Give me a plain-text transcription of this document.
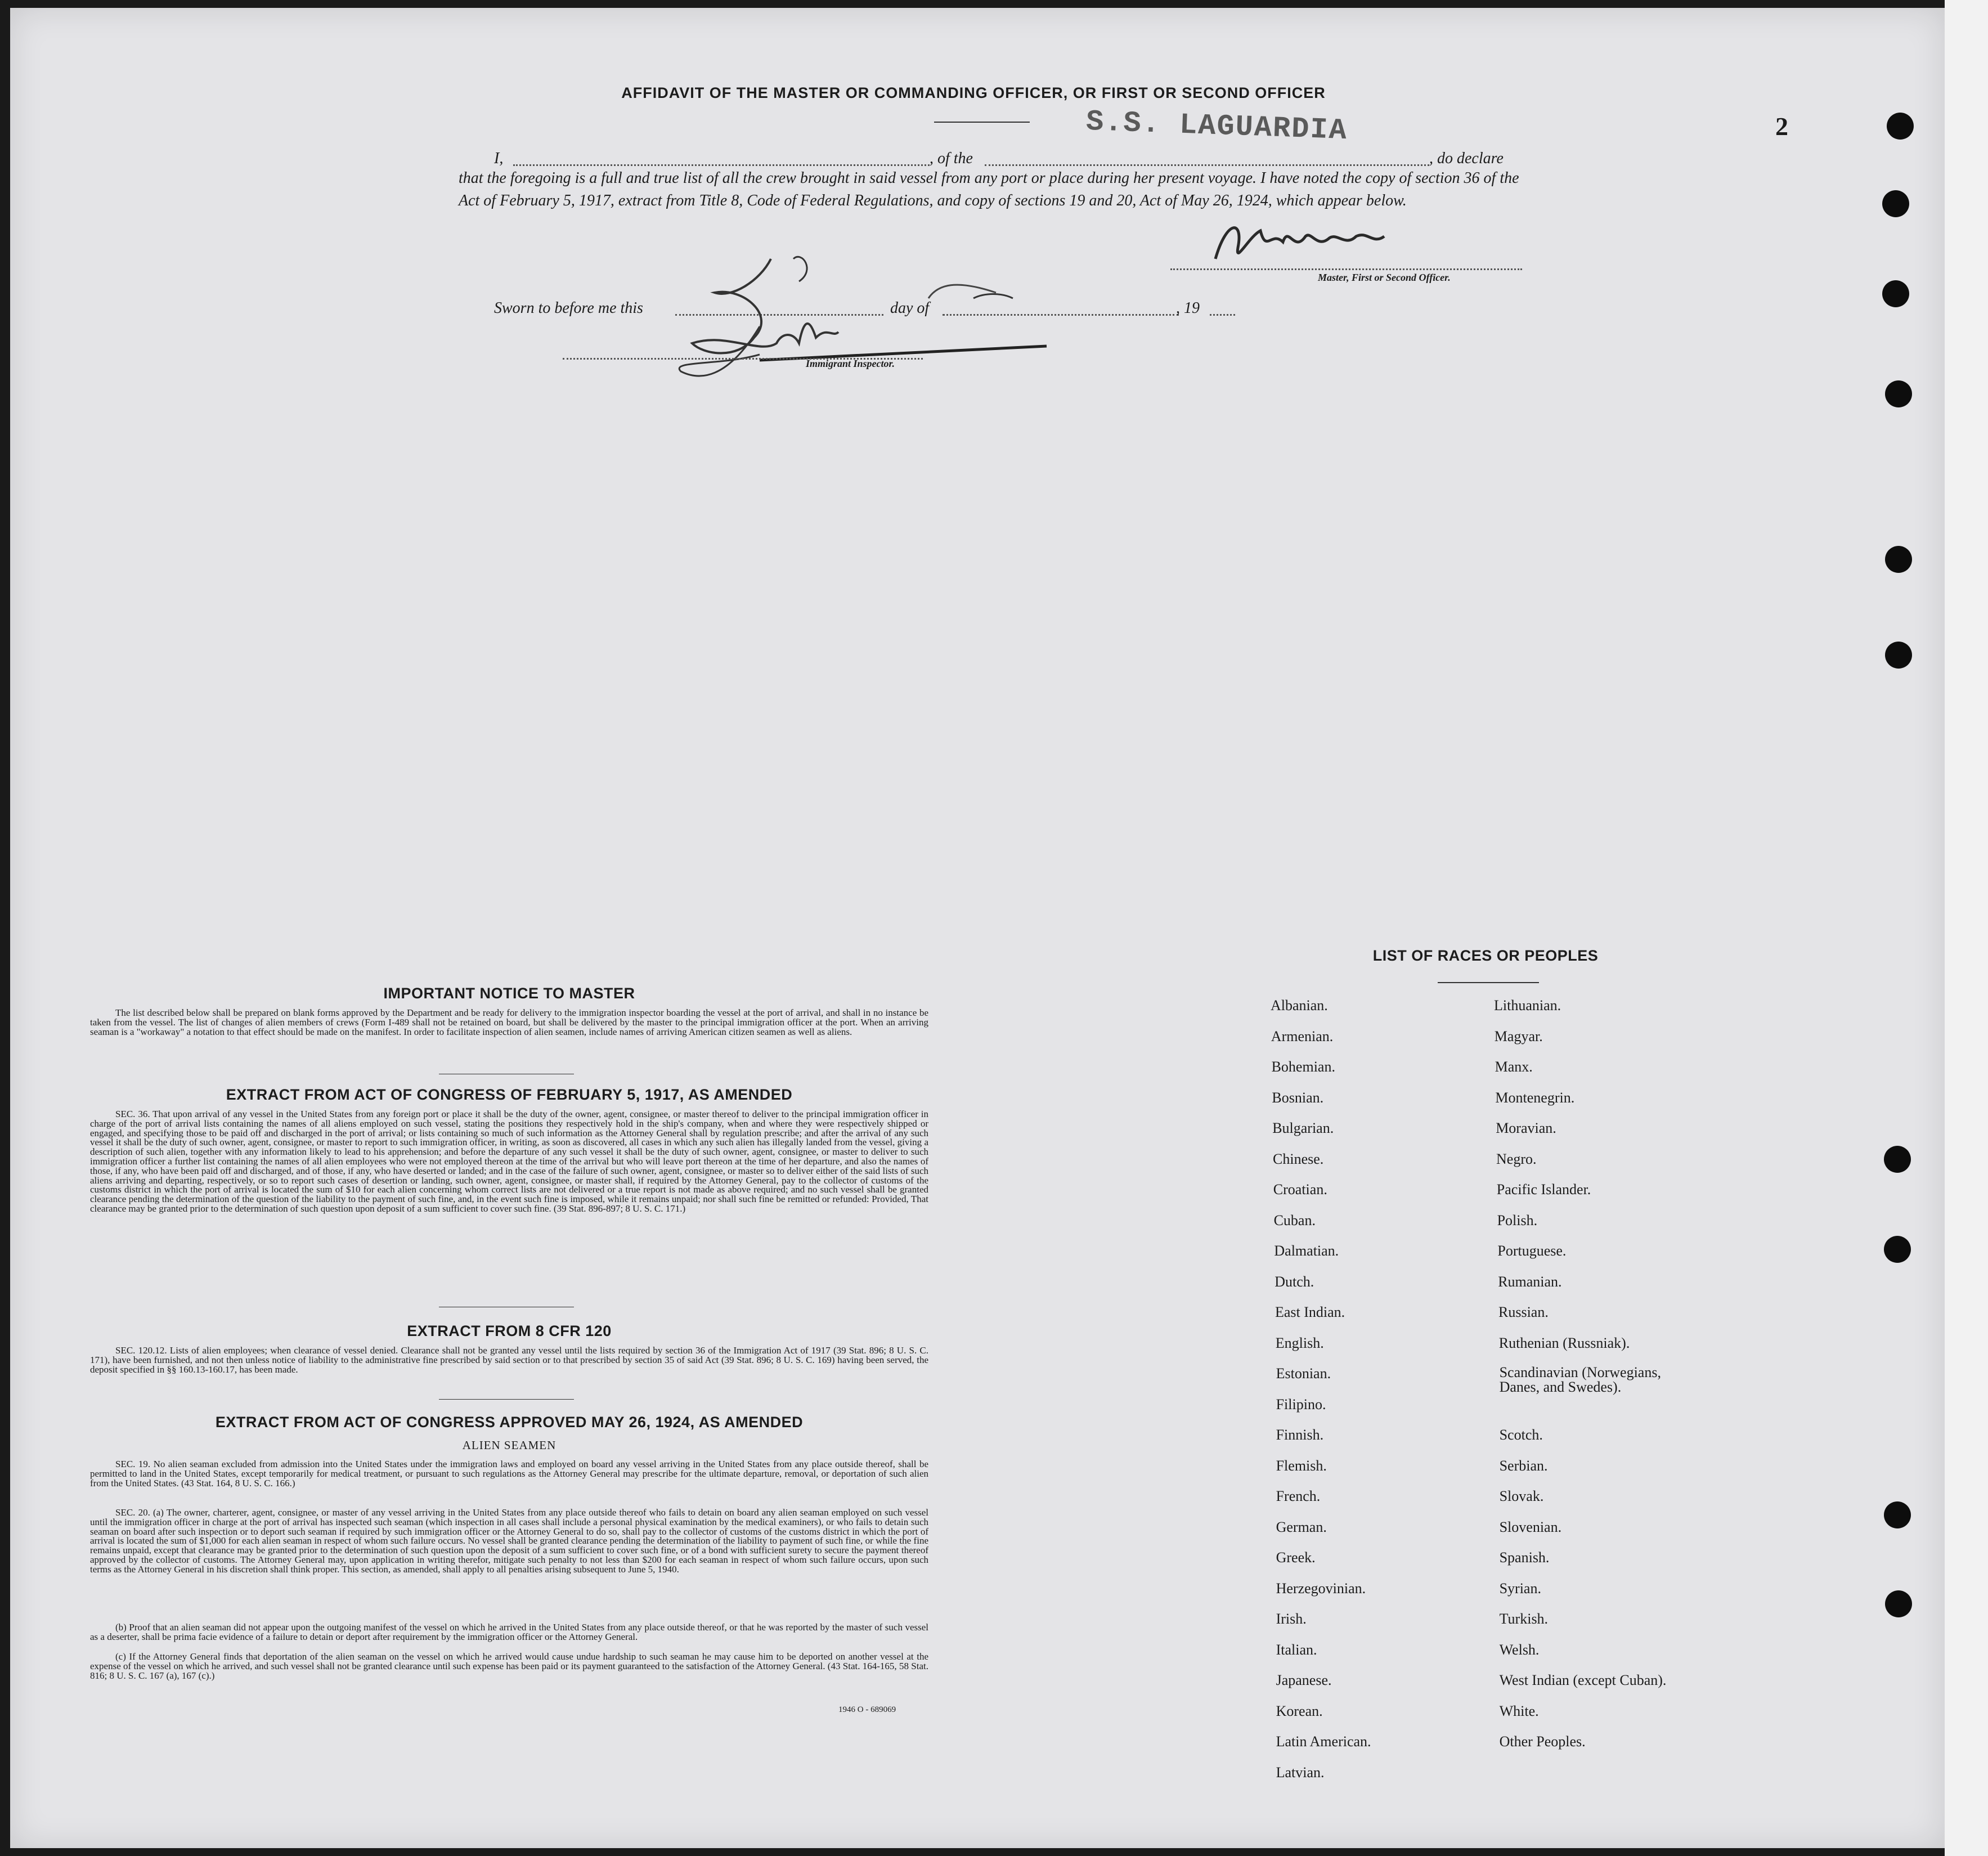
AFFIDAVIT OF THE MASTER OR COMMANDING OFFICER, OR FIRST OR SECOND OFFICER
S.S. LAGUARDIA	2
I,	, of the	, do declare
that the foregoing is a full and true list of all the crew brought in said vessel from any port or place during her present voyage. I have noted the copy of section 36 of the Act of February 5, 1917, extract from Title 8, Code of Federal Regulations, and copy of sections 19 and 20, Act of May 26, 1924, which appear below.
Master, First or Second Officer.
Sworn to before me this	day of	, 19
Immigrant Inspector.
IMPORTANT NOTICE TO MASTER
The list described below shall be prepared on blank forms approved by the Department and be ready for delivery to the immigration inspector boarding the vessel at the port of arrival, and shall in no instance be taken from the vessel. The list of changes of alien members of crews (Form I-489 shall not be retained on board, but shall be delivered by the master to the principal immigration officer at the port. When an arriving seaman is a "workaway" a notation to that effect should be made on the manifest. In order to facilitate inspection of alien seamen, include names of arriving American citizen seamen as well as aliens.
EXTRACT FROM ACT OF CONGRESS OF FEBRUARY 5, 1917, AS AMENDED
SEC. 36. That upon arrival of any vessel in the United States from any foreign port or place it shall be the duty of the owner, agent, consignee, or master thereof to deliver to the principal immigration officer in charge of the port of arrival lists containing the names of all aliens employed on such vessel, stating the positions they respectively hold in the ship's company, when and where they were respectively shipped or engaged, and specifying those to be paid off and discharged in the port of arrival; or lists containing so much of such information as the Attorney General shall by regulation prescribe; and after the arrival of any such vessel it shall be the duty of such owner, agent, consignee, or master to report to such immigration officer, in writing, as soon as discovered, all cases in which any such alien has illegally landed from the vessel, giving a description of such alien, together with any information likely to lead to his apprehension; and before the departure of any such vessel it shall be the duty of such owner, agent, consignee, or master to deliver to such immigration officer a further list containing the names of all alien employees who were not employed thereon at the time of the arrival but who will leave port thereon at the time of her departure, and also the names of those, if any, who have been paid off and discharged, and of those, if any, who have deserted or landed; and in the case of the failure of such owner, agent, consignee, or master so to deliver either of the said lists of such aliens arriving and departing, respectively, or so to report such cases of desertion or landing, such owner, agent, consignee, or master shall, if required by the Attorney General, pay to the collector of customs of the customs district in which the port of arrival is located the sum of $10 for each alien concerning whom correct lists are not delivered or a true report is not made as above required; and no such vessel shall be granted clearance pending the determination of the question of the liability to the payment of such fine, and, in the event such fine is imposed, while it remains unpaid; nor shall such fine be remitted or refunded: Provided, That clearance may be granted prior to the determination of such question upon deposit of a sum sufficient to cover such fine. (39 Stat. 896-897; 8 U. S. C. 171.)
EXTRACT FROM 8 CFR 120
SEC. 120.12. Lists of alien employees; when clearance of vessel denied. Clearance shall not be granted any vessel until the lists required by section 36 of the Immigration Act of 1917 (39 Stat. 896; 8 U. S. C. 171), have been furnished, and not then unless notice of liability to the administrative fine prescribed by said section or to that prescribed by section 35 of said Act (39 Stat. 896; 8 U. S. C. 169) having been served, the deposit specified in §§ 160.13-160.17, has been made.
EXTRACT FROM ACT OF CONGRESS APPROVED MAY 26, 1924, AS AMENDED
ALIEN SEAMEN
SEC. 19. No alien seaman excluded from admission into the United States under the immigration laws and employed on board any vessel arriving in the United States from any place outside thereof, shall be permitted to land in the United States, except temporarily for medical treatment, or pursuant to such regulations as the Attorney General may prescribe for the ultimate departure, removal, or deportation of such alien from the United States. (43 Stat. 164, 8 U. S. C. 166.)
SEC. 20. (a) The owner, charterer, agent, consignee, or master of any vessel arriving in the United States from any place outside thereof who fails to detain on board any alien seaman employed on such vessel until the immigration officer in charge at the port of arrival has inspected such seaman (which inspection in all cases shall include a personal physical examination by the medical examiners), or who fails to detain such seaman on board after such inspection or to deport such seaman if required by such immigration officer or the Attorney General to do so, shall pay to the collector of customs of the customs district in which the port of arrival is located the sum of $1,000 for each alien seaman in respect of whom such failure occurs. No vessel shall be granted clearance pending the determination of the liability to payment of such fine, or while the fine remains unpaid, except that clearance may be granted prior to the determination of such question upon the deposit of a sum sufficient to cover such fine, or of a bond with sufficient surety to secure the payment thereof approved by the collector of customs. The Attorney General may, upon application in writing therefor, mitigate such penalty to not less than $200 for each seaman in respect of whom such failure occurs, upon such terms as the Attorney General in his discretion shall think proper. This section, as amended, shall apply to all penalties arising subsequent to June 5, 1940.
(b) Proof that an alien seaman did not appear upon the outgoing manifest of the vessel on which he arrived in the United States from any place outside thereof, or that he was reported by the master of such vessel as a deserter, shall be prima facie evidence of a failure to detain or deport after requirement by the immigration officer or the Attorney General.
(c) If the Attorney General finds that deportation of the alien seaman on the vessel on which he arrived would cause undue hardship to such seaman he may cause him to be deported on another vessel at the expense of the vessel on which he arrived, and such vessel shall not be granted clearance until such expense has been paid or its payment guaranteed to the satisfaction of the Attorney General. (43 Stat. 164-165, 58 Stat. 816; 8 U. S. C. 167 (a), 167 (c).)
1946 O - 689069
LIST OF RACES OR PEOPLES
Albanian.
Armenian.
Bohemian.
Bosnian.
Bulgarian.
Chinese.
Croatian.
Cuban.
Dalmatian.
Dutch.
East Indian.
English.
Estonian.
Filipino.
Finnish.
Flemish.
French.
German.
Greek.
Herzegovinian.
Irish.
Italian.
Japanese.
Korean.
Latin American.
Latvian.
Lithuanian.
Magyar.
Manx.
Montenegrin.
Moravian.
Negro.
Pacific Islander.
Polish.
Portuguese.
Rumanian.
Russian.
Ruthenian (Russniak).
Scandinavian (Norwegians, Danes, and Swedes).
Scotch.
Serbian.
Slovak.
Slovenian.
Spanish.
Syrian.
Turkish.
Welsh.
West Indian (except Cuban).
White.
Other Peoples.
